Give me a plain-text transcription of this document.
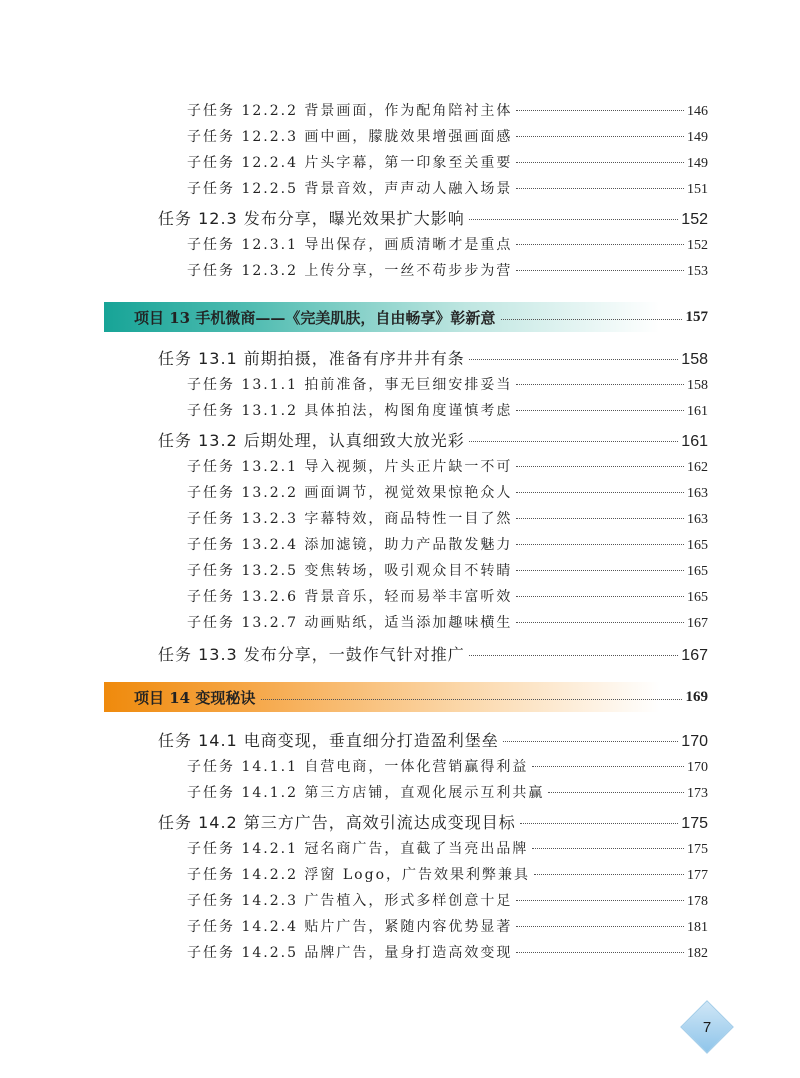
子任务 12.2.2 背景画面，作为配角陪衬主体	146
子任务 12.2.3 画中画，朦胧效果增强画面感	149
子任务 12.2.4 片头字幕，第一印象至关重要	149
子任务 12.2.5 背景音效，声声动人融入场景	151
任务 12.3 发布分享，曝光效果扩大影响	152
子任务 12.3.1 导出保存，画质清晰才是重点	152
子任务 12.3.2 上传分享，一丝不苟步步为营	153
项目 13 手机微商——《完美肌肤，自由畅享》彰新意	157
任务 13.1 前期拍摄，准备有序井井有条	158
子任务 13.1.1 拍前准备，事无巨细安排妥当	158
子任务 13.1.2 具体拍法，构图角度谨慎考虑	161
任务 13.2 后期处理，认真细致大放光彩	161
子任务 13.2.1 导入视频，片头正片缺一不可	162
子任务 13.2.2 画面调节，视觉效果惊艳众人	163
子任务 13.2.3 字幕特效，商品特性一目了然	163
子任务 13.2.4 添加滤镜，助力产品散发魅力	165
子任务 13.2.5 变焦转场，吸引观众目不转睛	165
子任务 13.2.6 背景音乐，轻而易举丰富听效	165
子任务 13.2.7 动画贴纸，适当添加趣味横生	167
任务 13.3 发布分享，一鼓作气针对推广	167
项目 14 变现秘诀	169
任务 14.1 电商变现，垂直细分打造盈利堡垒	170
子任务 14.1.1 自营电商，一体化营销赢得利益	170
子任务 14.1.2 第三方店铺，直观化展示互利共赢	173
任务 14.2 第三方广告，高效引流达成变现目标	175
子任务 14.2.1 冠名商广告，直截了当亮出品牌	175
子任务 14.2.2 浮窗 Logo，广告效果利弊兼具	177
子任务 14.2.3 广告植入，形式多样创意十足	178
子任务 14.2.4 贴片广告，紧随内容优势显著	181
子任务 14.2.5 品牌广告，量身打造高效变现	182
7
